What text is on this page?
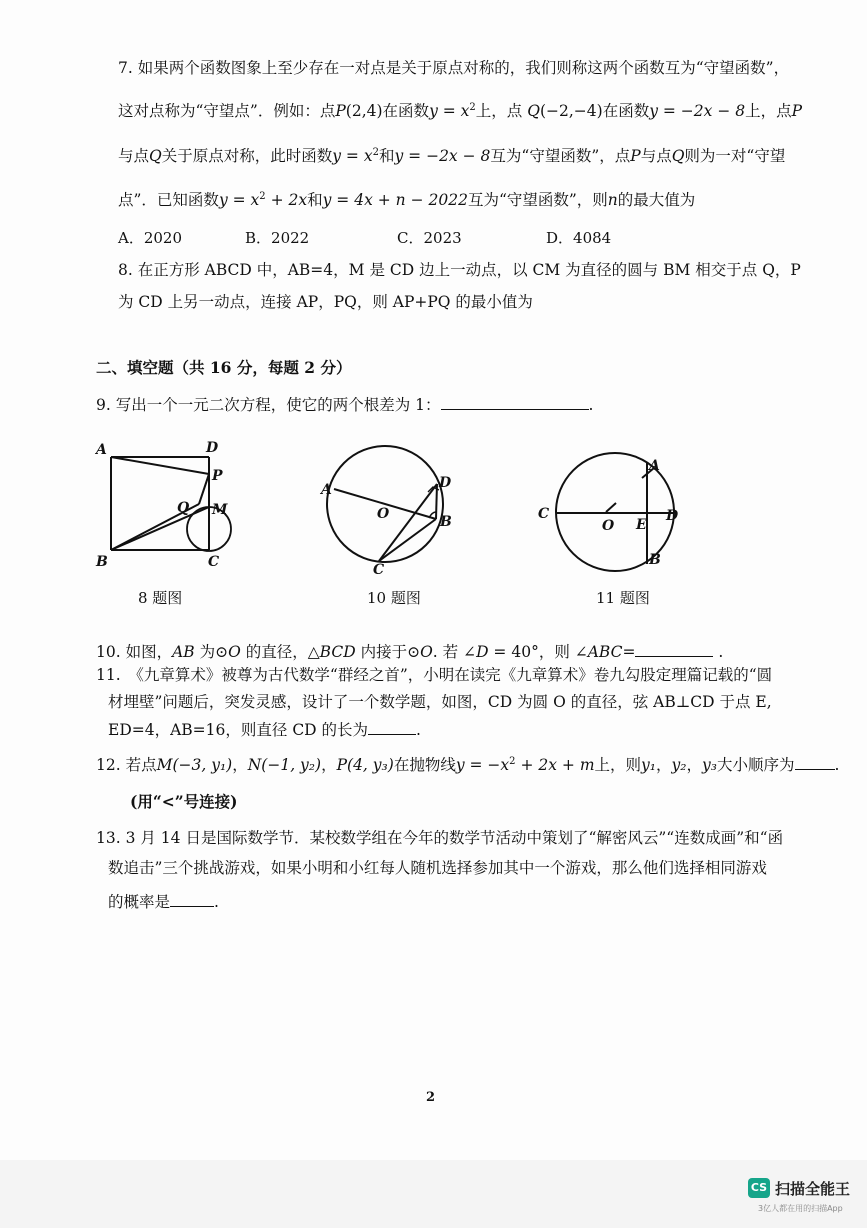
7. 如果两个函数图象上至少存在一对点是关于原点对称的，我们则称这两个函数互为“守望函数”，
这对点称为“守望点”．例如：点P(2,4)在函数$y = x^2$上，点 Q(−2,−4)在函数y = −2x − 8上，点P
与点Q关于原点对称，此时函数$y = x^2$和y = −2x − 8互为“守望函数”，点P与点Q则为一对“守望
点”．已知函数$y = x^2 + 2x$和y = 4x + n − 2022互为“守望函数”，则n的最大值为
A．2020	B．2022	C．2023	D．4084
8. 在正方形 ABCD 中，AB=4，M 是 CD 边上一动点，以 CM 为直径的圆与 BM 相交于点 Q，P
为 CD 上另一动点，连接 AP，PQ，则 AP+PQ 的最小值为
二、填空题（共 16 分，每题 2 分）
9. 写出一个一元二次方程，使它的两个根差为 1：	.
A	D
P
Q M
B	C
8 题图
A	D
O	B
C
10 题图
C
O E
D
A
B
11 题图
10. 如图，AB 为⊙O 的直径，△BCD 内接于⊙O. 若 ∠D = 40°，则 ∠ABC=	.
11.　《九章算术》被尊为古代数学“群经之首”，小明在读完《九章算术》卷九勾股定理篇记载的“圆
材埋壁”问题后，突发灵感，设计了一个数学题，如图，CD 为圆 O 的直径，弦 AB⊥CD 于点 E,
ED=4，AB=16，则直径 CD 的长为	.
12. 若点M(−3, y₁)，N(−1, y₂)，P(4, y₃)在抛物线$y = -x^2 + 2x + m$上，则y₁，y₂，y₃大小顺序为	.
(用“<”号连接)
13. 3 月 14 日是国际数学节．某校数学组在今年的数学节活动中策划了“解密风云”“连数成画”和“函
数追击”三个挑战游戏，如果小明和小红每人随机选择参加其中一个游戏，那么他们选择相同游戏
的概率是	.
2
CS 扫描全能王
3亿人都在用的扫描App
